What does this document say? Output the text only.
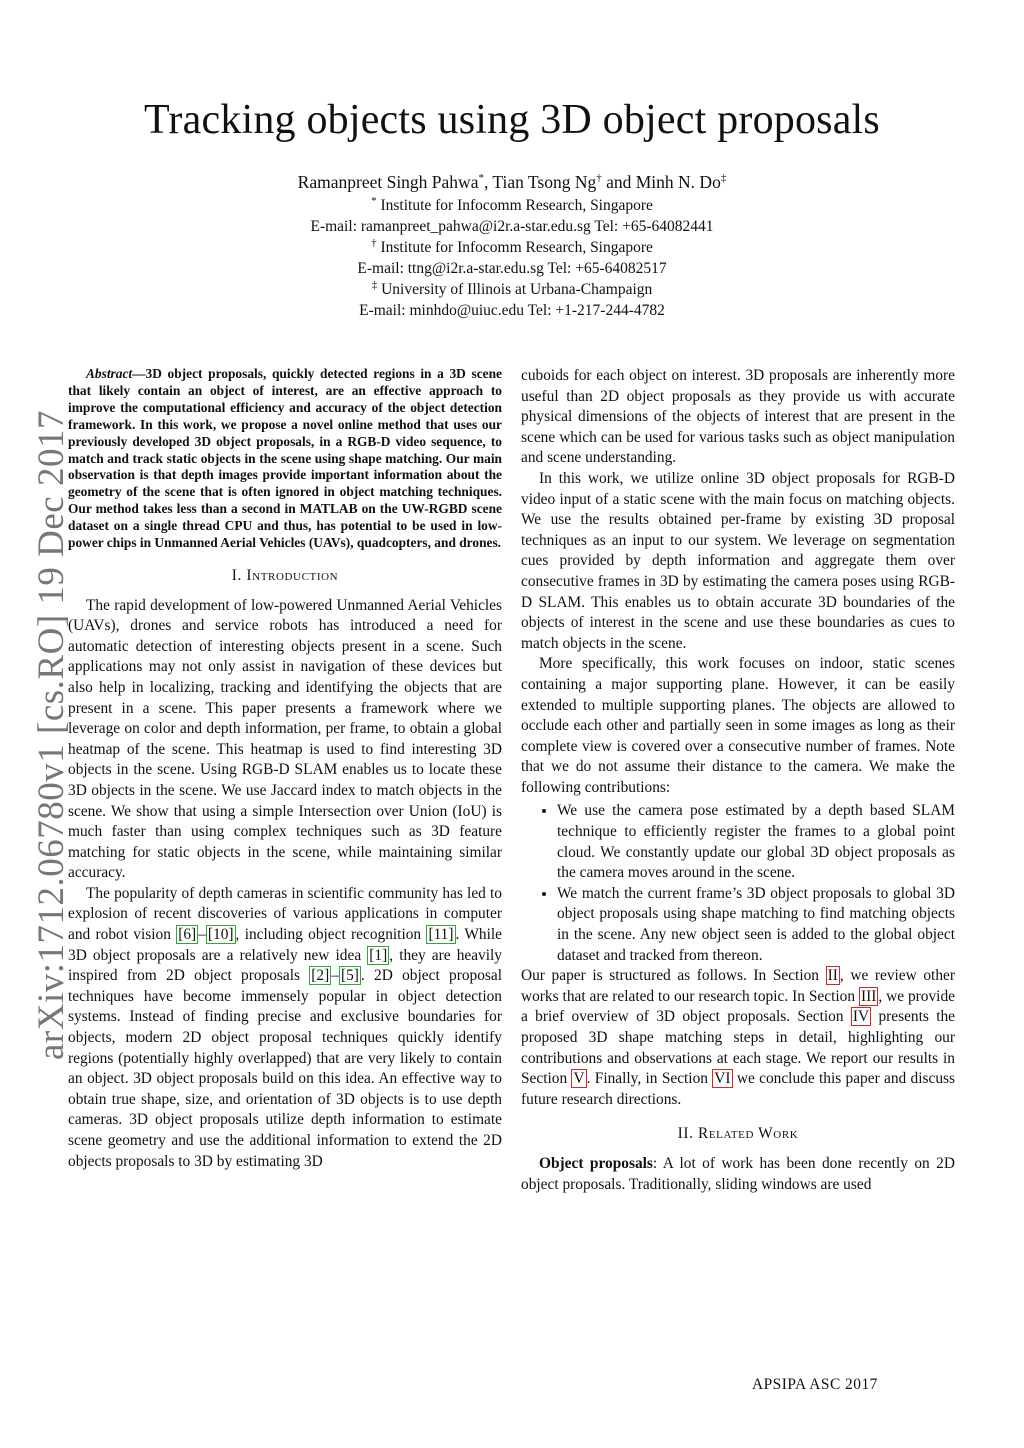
arXiv:1712.06780v1 [cs.RO] 19 Dec 2017
Tracking objects using 3D object proposals
Ramanpreet Singh Pahwa*, Tian Tsong Ng† and Minh N. Do‡
* Institute for Infocomm Research, Singapore
E-mail: ramanpreet_pahwa@i2r.a-star.edu.sg Tel: +65-64082441
† Institute for Infocomm Research, Singapore
E-mail: ttng@i2r.a-star.edu.sg Tel: +65-64082517
‡ University of Illinois at Urbana-Champaign
E-mail: minhdo@uiuc.edu Tel: +1-217-244-4782

Abstract—3D object proposals, quickly detected regions in a 3D scene that likely contain an object of interest, are an effective approach to improve the computational efficiency and accuracy of the object detection framework. In this work, we propose a novel online method that uses our previously developed 3D object proposals, in a RGB-D video sequence, to match and track static objects in the scene using shape matching. Our main observation is that depth images provide important information about the geometry of the scene that is often ignored in object matching techniques. Our method takes less than a second in MATLAB on the UW-RGBD scene dataset on a single thread CPU and thus, has potential to be used in low-power chips in Unmanned Aerial Vehicles (UAVs), quadcopters, and drones.

I. Introduction

The rapid development of low-powered Unmanned Aerial Vehicles (UAVs), drones and service robots has introduced a need for automatic detection of interesting objects present in a scene. Such applications may not only assist in navigation of these devices but also help in localizing, tracking and identifying the objects that are present in a scene. This paper presents a framework where we leverage on color and depth information, per frame, to obtain a global heatmap of the scene. This heatmap is used to find interesting 3D objects in the scene. Using RGB-D SLAM enables us to locate these 3D objects in the scene. We use Jaccard index to match objects in the scene. We show that using a simple Intersection over Union (IoU) is much faster than using complex techniques such as 3D feature matching for static objects in the scene, while maintaining similar accuracy.

The popularity of depth cameras in scientific community has led to explosion of recent discoveries of various applications in computer and robot vision [6] – [10] , including object recognition [11] . While 3D object proposals are a relatively new idea [1] , they are heavily inspired from 2D object proposals [2] – [5] . 2D object proposal techniques have become immensely popular in object detection systems. Instead of finding precise and exclusive boundaries for objects, modern 2D object proposal techniques quickly identify regions (potentially highly overlapped) that are very likely to contain an object. 3D object proposals build on this idea. An effective way to obtain true shape, size, and orientation of 3D objects is to use depth cameras. 3D object proposals utilize depth information to estimate scene geometry and use the additional information to extend the 2D objects proposals to 3D by estimating 3D

cuboids for each object on interest. 3D proposals are inherently more useful than 2D object proposals as they provide us with accurate physical dimensions of the objects of interest that are present in the scene which can be used for various tasks such as object manipulation and scene understanding.

In this work, we utilize online 3D object proposals for RGB-D video input of a static scene with the main focus on matching objects. We use the results obtained per-frame by existing 3D proposal techniques as an input to our system. We leverage on segmentation cues provided by depth information and aggregate them over consecutive frames in 3D by estimating the camera poses using RGB-D SLAM. This enables us to obtain accurate 3D boundaries of the objects of interest in the scene and use these boundaries as cues to match objects in the scene.

More specifically, this work focuses on indoor, static scenes containing a major supporting plane. However, it can be easily extended to multiple supporting planes. The objects are allowed to occlude each other and partially seen in some images as long as their complete view is covered over a consecutive number of frames. Note that we do not assume their distance to the camera. We make the following contributions:

• We use the camera pose estimated by a depth based SLAM technique to efficiently register the frames to a global point cloud. We constantly update our global 3D object proposals as the camera moves around in the scene.
• We match the current frame’s 3D object proposals to global 3D object proposals using shape matching to find matching objects in the scene. Any new object seen is added to the global object dataset and tracked from thereon.

Our paper is structured as follows. In Section II , we review other works that are related to our research topic. In Section III , we provide a brief overview of 3D object proposals. Section IV presents the proposed 3D shape matching steps in detail, highlighting our contributions and observations at each stage. We report our results in Section V . Finally, in Section VI we conclude this paper and discuss future research directions.

II. Related Work

Object proposals: A lot of work has been done recently on 2D object proposals. Traditionally, sliding windows are used

APSIPA ASC 2017
